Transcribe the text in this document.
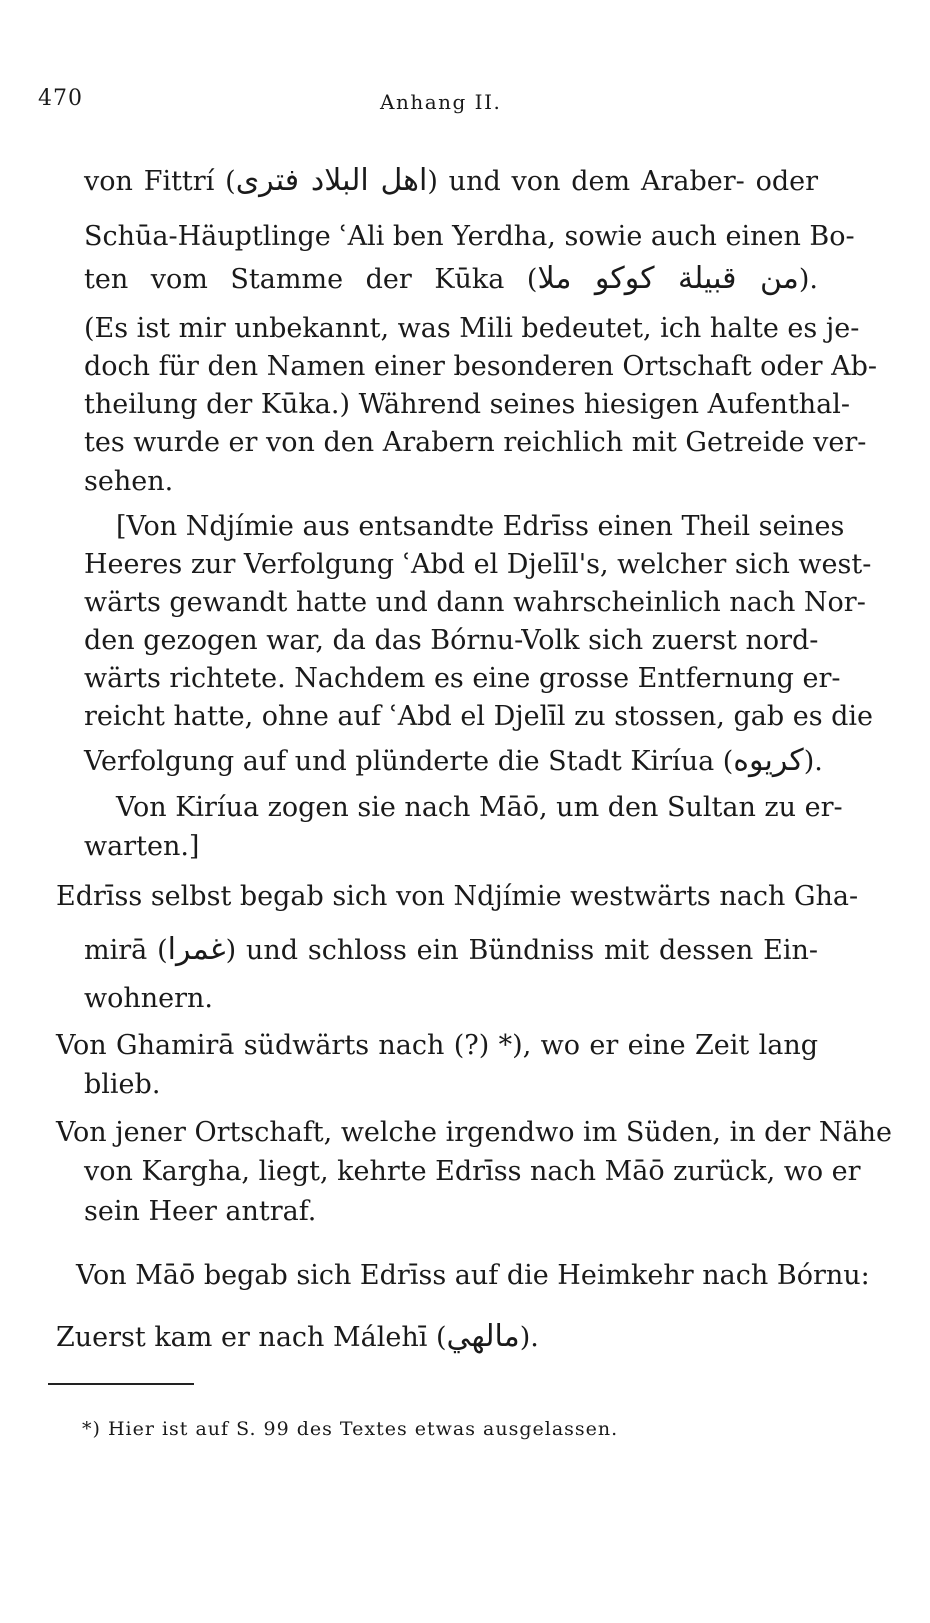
470	Anhang II.
von Fittrí (اهل البلاد فترى) und von dem Araber- oder
Schūa-Häuptlinge ʿAli ben Yerdha, sowie auch einen Bo-
ten vom Stamme der Kūka (من قبيلة كوكو ملا).
(Es ist mir unbekannt, was Mili bedeutet, ich halte es je-
doch für den Namen einer besonderen Ortschaft oder Ab-
theilung der Kūka.) Während seines hiesigen Aufenthal-
tes wurde er von den Arabern reichlich mit Getreide ver-
sehen.
[Von Ndjímie aus entsandte Edrīss einen Theil seines
Heeres zur Verfolgung ʿAbd el Djelīl's, welcher sich west-
wärts gewandt hatte und dann wahrscheinlich nach Nor-
den gezogen war, da das Bórnu-Volk sich zuerst nord-
wärts richtete. Nachdem es eine grosse Entfernung er-
reicht hatte, ohne auf ʿAbd el Djelīl zu stossen, gab es die
Verfolgung auf und plünderte die Stadt Kiríua (كريوه).
Von Kiríua zogen sie nach Māō, um den Sultan zu er-
warten.]
Edrīss selbst begab sich von Ndjímie westwärts nach Gha-
mirā (غمرا) und schloss ein Bündniss mit dessen Ein-
wohnern.
Von Ghamirā südwärts nach (?) *), wo er eine Zeit lang
blieb.
Von jener Ortschaft, welche irgendwo im Süden, in der Nähe
von Kargha, liegt, kehrte Edrīss nach Māō zurück, wo er
sein Heer antraf.
Von Māō begab sich Edrīss auf die Heimkehr nach Bórnu:
Zuerst kam er nach Málehī (مالهي).
*) Hier ist auf S. 99 des Textes etwas ausgelassen.
